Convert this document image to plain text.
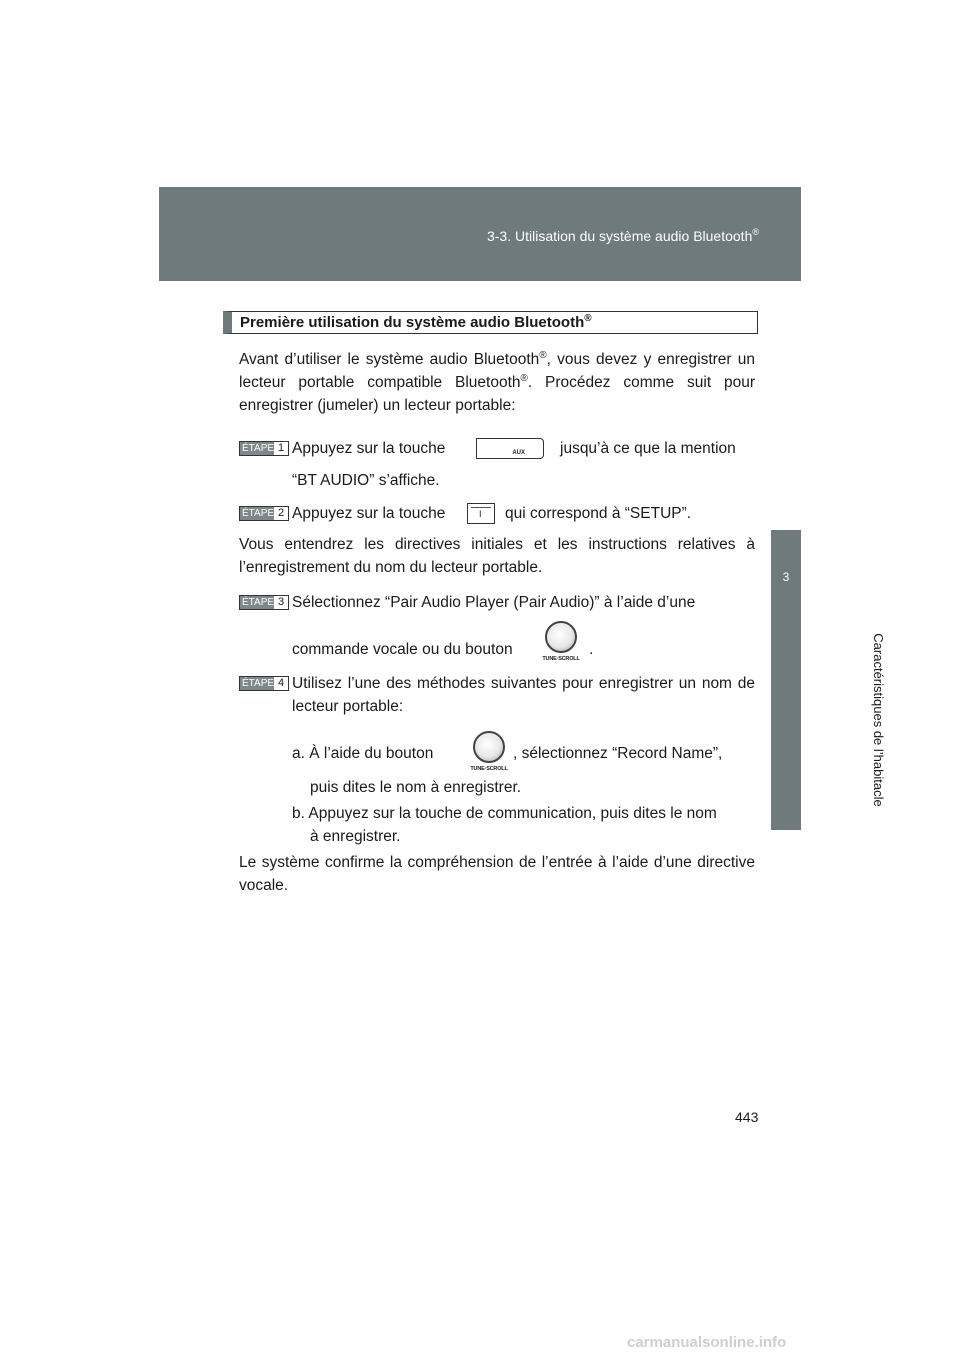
3-3. Utilisation du système audio Bluetooth®
3
Caractéristiques de l’habitacle
Première utilisation du système audio Bluetooth®
Avant d’utiliser le système audio Bluetooth®, vous devez y enregistrer un lecteur portable compatible Bluetooth®. Procédez comme suit pour enregistrer (jumeler) un lecteur portable:
ÉTAPE 1 Appuyez sur la touche	jusqu’à ce que la mention
AUX
“BT AUDIO” s’affiche.
ÉTAPE 2 Appuyez sur la touche	qui correspond à “SETUP”.
I
Vous entendrez les directives initiales et les instructions relatives à l’enregistrement du nom du lecteur portable.
ÉTAPE 3 Sélectionnez “Pair Audio Player (Pair Audio)” à l’aide d’une
commande vocale ou du bouton	.
TUNE·SCROLL
ÉTAPE 4 Utilisez l’une des méthodes suivantes pour enregistrer un nom de lecteur portable:
a. À l’aide du bouton	, sélectionnez “Record Name”,
TUNE·SCROLL
puis dites le nom à enregistrer.
b. Appuyez sur la touche de communication, puis dites le nom
à enregistrer.
Le système confirme la compréhension de l’entrée à l’aide d’une directive vocale.
443
carmanualsonline.info
